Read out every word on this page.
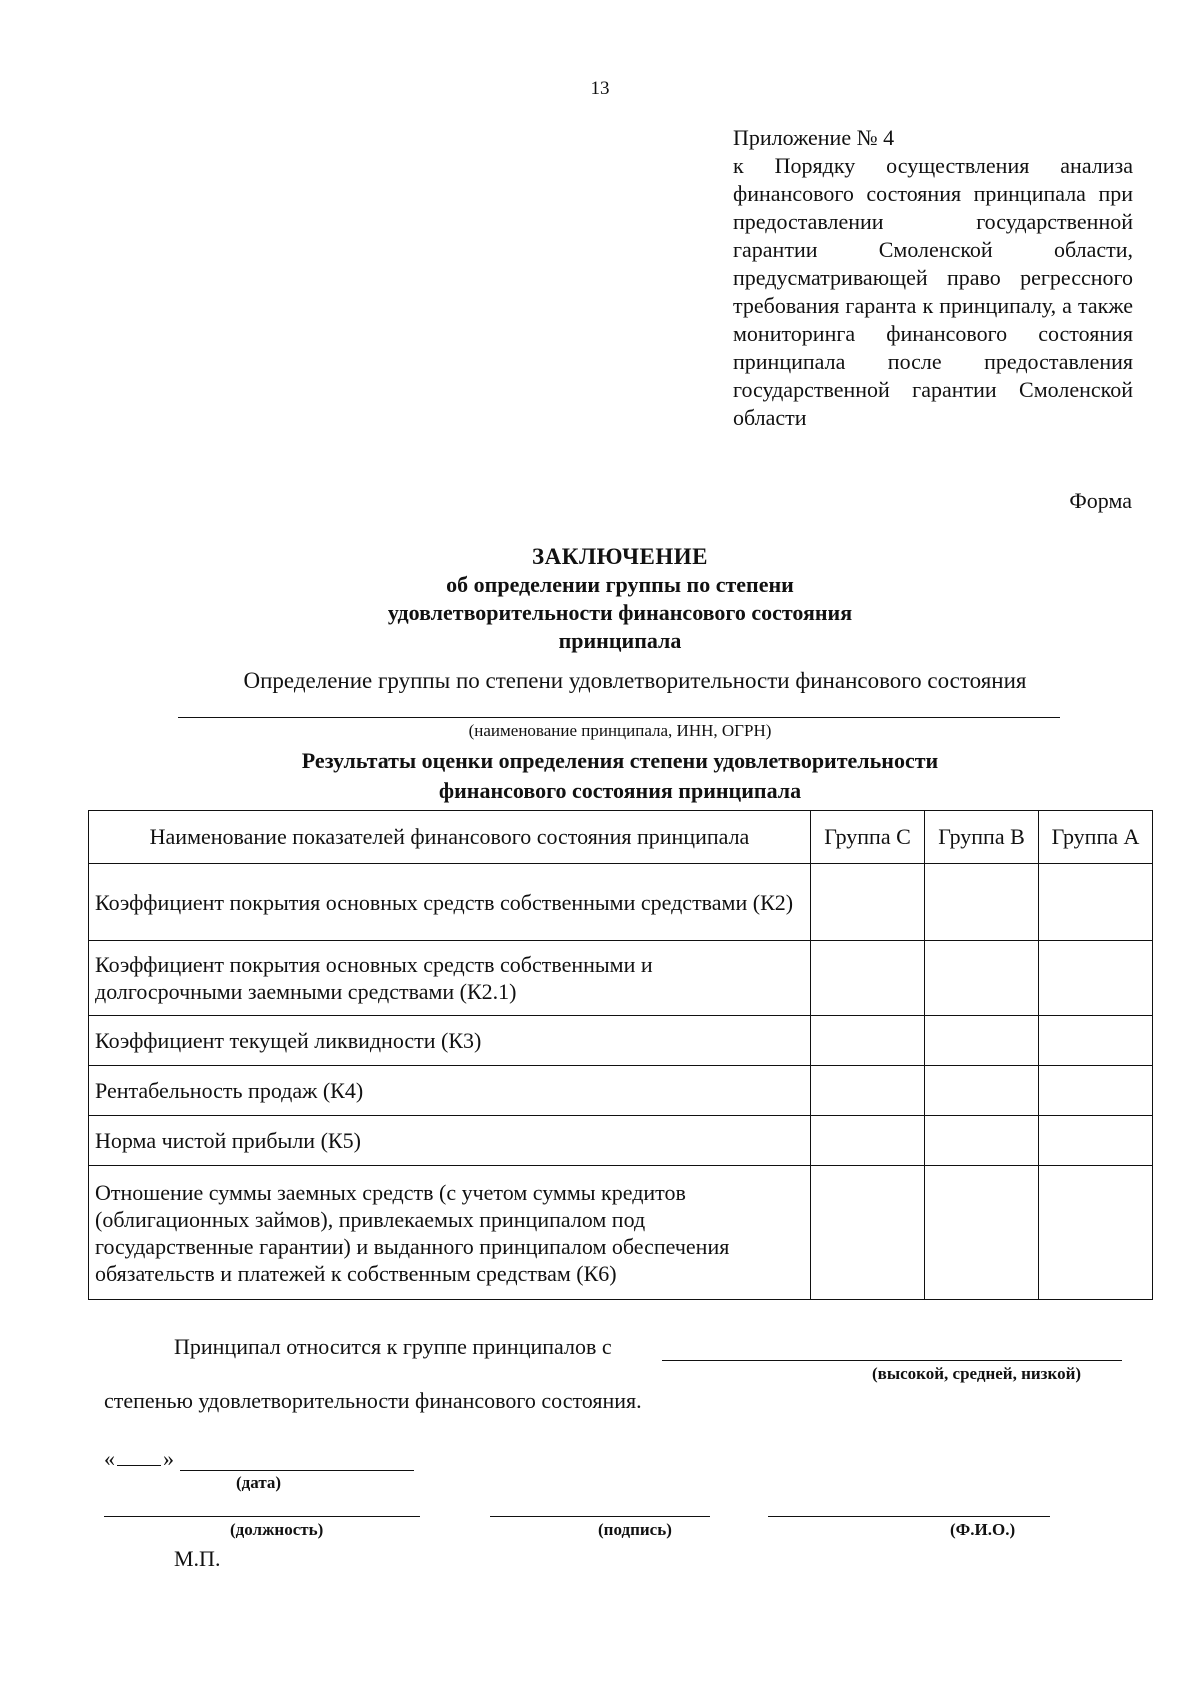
13
Приложение № 4
к Порядку осуществления анализа финансового состояния принципала при предоставлении государственной гарантии Смоленской области, предусматривающей право регрессного требования гаранта к принципалу, а также мониторинга финансового состояния принципала после предоставления государственной гарантии Смоленской области
Форма
ЗАКЛЮЧЕНИЕ
об определении группы по степени
удовлетворительности финансового состояния
принципала
Определение группы по степени удовлетворительности финансового состояния
(наименование принципала, ИНН, ОГРН)
Результаты оценки определения степени удовлетворительности
финансового состояния принципала
Наименование показателей финансового состояния принципала	Группа С	Группа В	Группа А
Коэффициент покрытия основных средств собственными средствами (К2)			
Коэффициент покрытия основных средств собственными и долгосрочными заемными средствами (К2.1)			
Коэффициент текущей ликвидности (К3)			
Рентабельность продаж (К4)			
Норма чистой прибыли (К5)			
Отношение суммы заемных средств (с учетом суммы кредитов (облигационных займов), привлекаемых принципалом под государственные гарантии) и выданного принципалом обеспечения обязательств и платежей к собственным средствам (К6)			
Принципал относится к группе принципалов с
(высокой, средней, низкой)
степенью удовлетворительности финансового состояния.
« »
(дата)
(должность)	(подпись)	(Ф.И.О.)
М.П.
